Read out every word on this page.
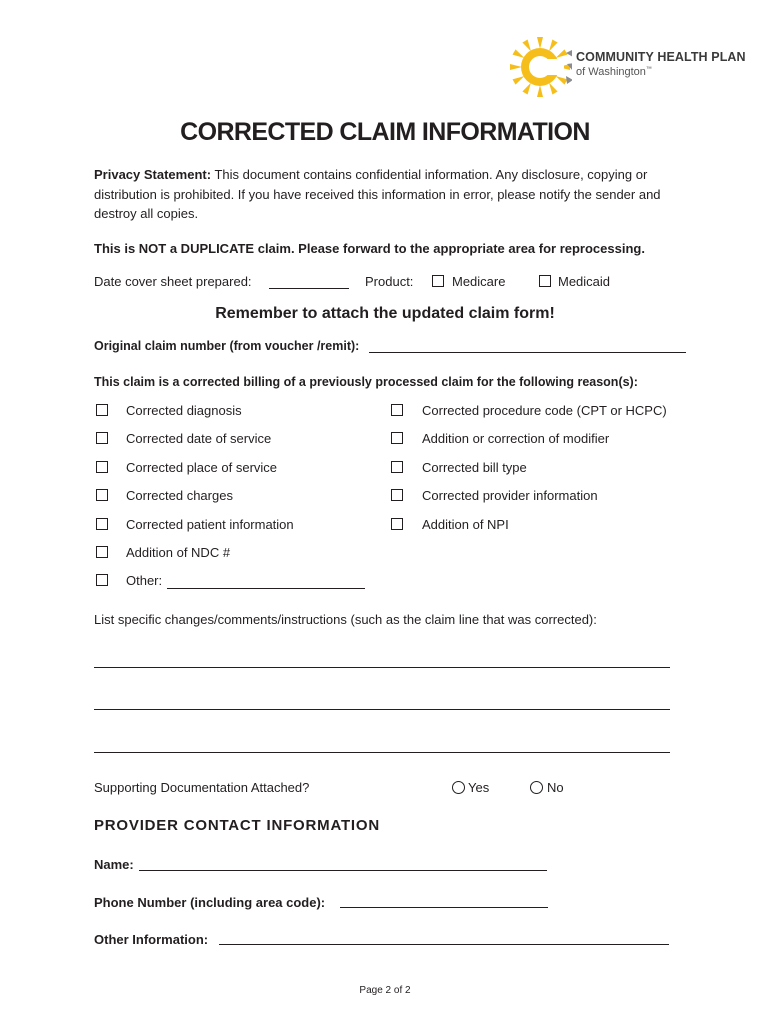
COMMUNITY HEALTH PLAN
of Washington™
CORRECTED CLAIM INFORMATION
Privacy Statement: This document contains confidential information. Any disclosure, copying or distribution is prohibited. If you have received this information in error, please notify the sender and destroy all copies.
This is NOT a DUPLICATE claim. Please forward to the appropriate area for reprocessing.
Date cover sheet prepared:	Product:	Medicare	Medicaid
Remember to attach the updated claim form!
Original claim number (from voucher /remit):
This claim is a corrected billing of a previously processed claim for the following reason(s):
Corrected diagnosis
Corrected date of service
Corrected place of service
Corrected charges
Corrected patient information
Addition of NDC #
Other:
Corrected procedure code (CPT or HCPC)
Addition or correction of modifier
Corrected bill type
Corrected provider information
Addition of NPI
List specific changes/comments/instructions (such as the claim line that was corrected):
Supporting Documentation Attached?	Yes	No
PROVIDER CONTACT INFORMATION
Name:
Phone Number (including area code):
Other Information:
Page 2 of 2
